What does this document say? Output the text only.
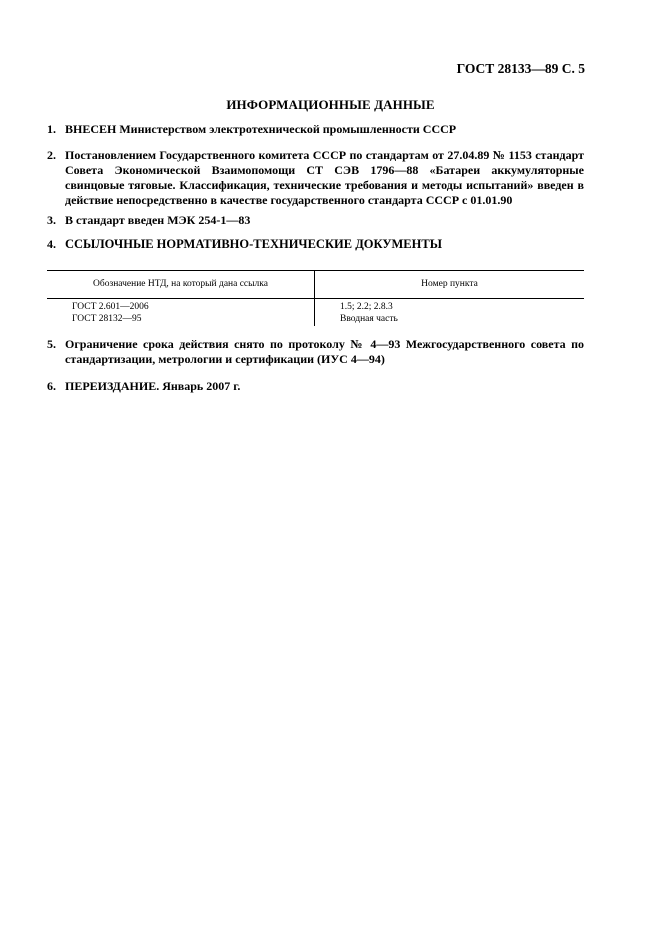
ГОСТ 28133—89 С. 5
ИНФОРМАЦИОННЫЕ ДАННЫЕ
1. ВНЕСЕН Министерством электротехнической промышленности СССР
2. Постановлением Государственного комитета СССР по стандартам от 27.04.89 № 1153 стандарт Совета Экономической Взаимопомощи СТ СЭВ 1796—88 «Батареи аккумуляторные свинцовые тяговые. Классификация, технические требования и методы испытаний» введен в действие непосредственно в качестве государственного стандарта СССР с 01.01.90
3. В стандарт введен МЭК 254-1—83
4. ССЫЛОЧНЫЕ НОРМАТИВНО-ТЕХНИЧЕСКИЕ ДОКУМЕНТЫ
Обозначение НТД, на который дана ссылка	Номер пункта
ГОСТ 2.601—2006	1.5; 2.2; 2.8.3
ГОСТ 28132—95	Вводная часть
5. Ограничение срока действия снято по протоколу № 4—93 Межгосударственного совета по стандартизации, метрологии и сертификации (ИУС 4—94)
6. ПЕРЕИЗДАНИЕ. Январь 2007 г.
